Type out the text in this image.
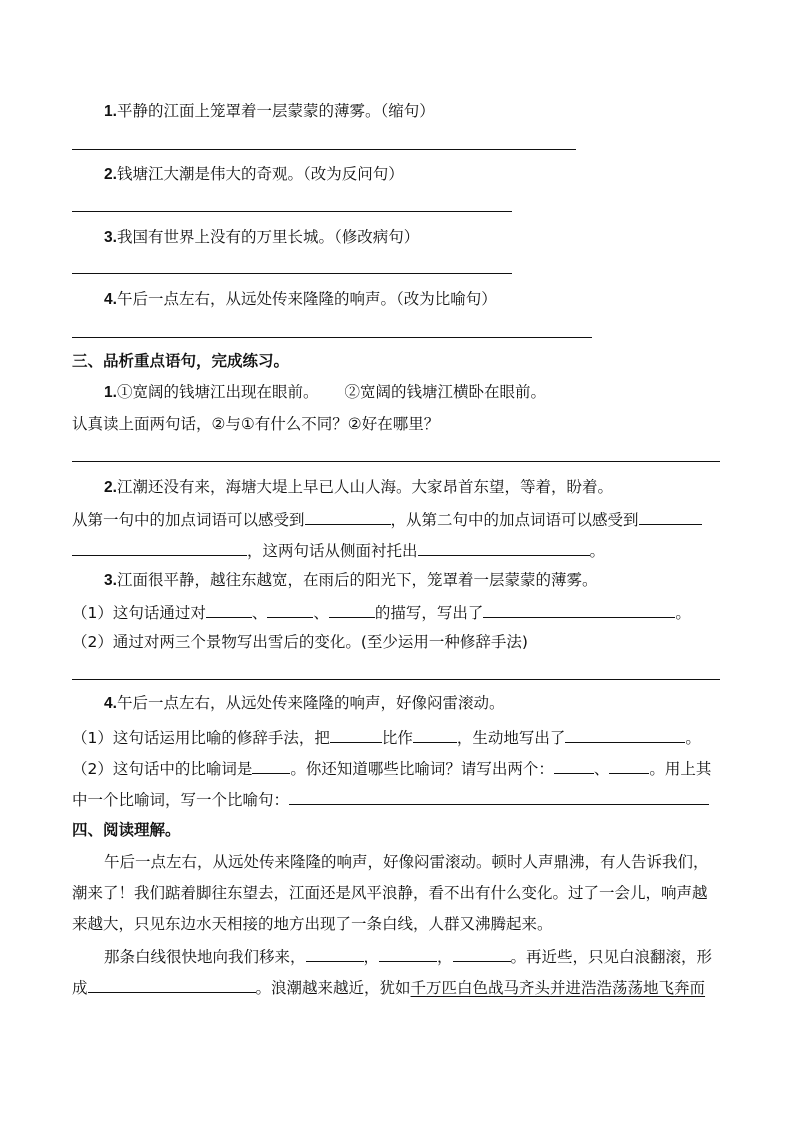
1.平静的江面上笼罩着一层蒙蒙的薄雾。（缩句）
2.钱塘江大潮是伟大的奇观。（改为反问句）
3.我国有世界上没有的万里长城。（修改病句）
4.午后一点左右，从远处传来隆隆的响声。（改为比喻句）
三、品析重点语句，完成练习。
1.①宽阔的钱塘江出现在眼前。 ②宽阔的钱塘江横卧在眼前。
认真读上面两句话，②与①有什么不同？②好在哪里？
2.江潮还没有来，海塘大堤上早已人山人海。大家昂首东望，等着，盼着。
从第一句中的加点词语可以感受到	，从第二句中的加点词语可以感受到
，这两句话从侧面衬托出	。
3.江面很平静，越往东越宽，在雨后的阳光下，笼罩着一层蒙蒙的薄雾。
（1）这句话通过对	、	、	的描写，写出了	。
（2）通过对两三个景物写出雪后的变化。(至少运用一种修辞手法)
4.午后一点左右，从远处传来隆隆的响声，好像闷雷滚动。
（1）这句话运用比喻的修辞手法，把	比作	，生动地写出了	。
（2）这句话中的比喻词是 。你还知道哪些比喻词？请写出两个：	、	。用上其
中一个比喻词，写一个比喻句：
四、阅读理解。
午后一点左右，从远处传来隆隆的响声，好像闷雷滚动。顿时人声鼎沸，有人告诉我们，
潮来了！我们踮着脚往东望去，江面还是风平浪静，看不出有什么变化。过了一会儿，响声越
来越大，只见东边水天相接的地方出现了一条白线，人群又沸腾起来。
那条白线很快地向我们移来，	，	，	。再近些，只见白浪翻滚，形
成	。浪潮越来越近，犹如千万匹白色战马齐头并进浩浩荡荡地飞奔而
